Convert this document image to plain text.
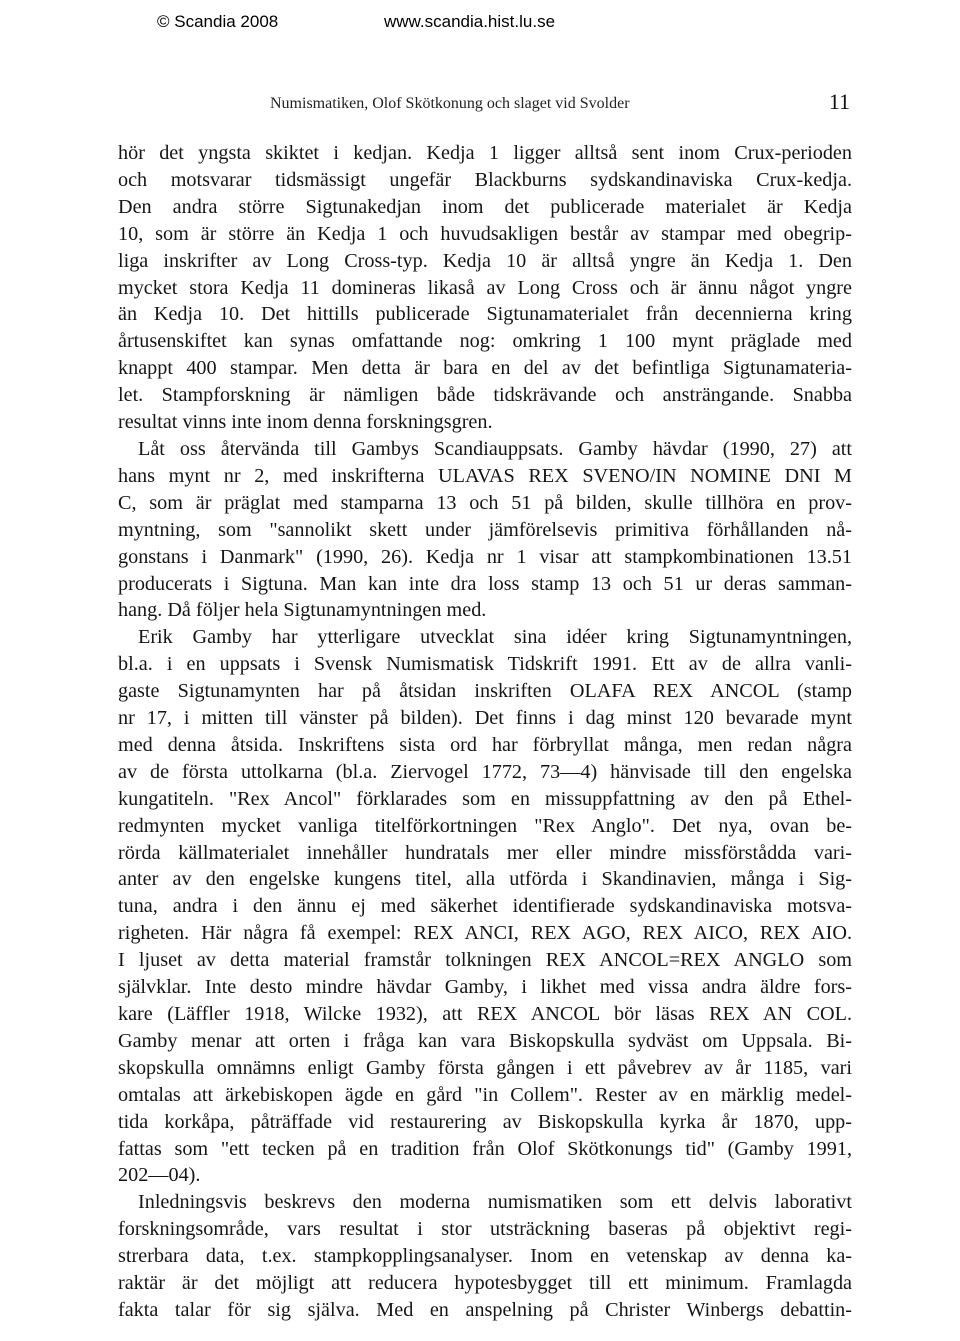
© Scandia 2008	www.scandia.hist.lu.se
Numismatiken, Olof Skötkonung och slaget vid Svolder	11
hör det yngsta skiktet i kedjan. Kedja 1 ligger alltså sent inom Crux-perioden
och motsvarar tidsmässigt ungefär Blackburns sydskandinaviska Crux-kedja.
Den andra större Sigtunakedjan inom det publicerade materialet är Kedja
10, som är större än Kedja 1 och huvudsakligen består av stampar med obegrip-
liga inskrifter av Long Cross-typ. Kedja 10 är alltså yngre än Kedja 1. Den
mycket stora Kedja 11 domineras likaså av Long Cross och är ännu något yngre
än Kedja 10. Det hittills publicerade Sigtunamaterialet från decennierna kring
årtusenskiftet kan synas omfattande nog: omkring 1 100 mynt präglade med
knappt 400 stampar. Men detta är bara en del av det befintliga Sigtunamateria-
let. Stampforskning är nämligen både tidskrävande och ansträngande. Snabba
resultat vinns inte inom denna forskningsgren.
Låt oss återvända till Gambys Scandiauppsats. Gamby hävdar (1990, 27) att
hans mynt nr 2, med inskrifterna ULAVAS REX SVENO/IN NOMINE DNI M
C, som är präglat med stamparna 13 och 51 på bilden, skulle tillhöra en prov-
myntning, som "sannolikt skett under jämförelsevis primitiva förhållanden nå-
gonstans i Danmark" (1990, 26). Kedja nr 1 visar att stampkombinationen 13.51
producerats i Sigtuna. Man kan inte dra loss stamp 13 och 51 ur deras samman-
hang. Då följer hela Sigtunamyntningen med.
Erik Gamby har ytterligare utvecklat sina idéer kring Sigtunamyntningen,
bl.a. i en uppsats i Svensk Numismatisk Tidskrift 1991. Ett av de allra vanli-
gaste Sigtunamynten har på åtsidan inskriften OLAFA REX ANCOL (stamp
nr 17, i mitten till vänster på bilden). Det finns i dag minst 120 bevarade mynt
med denna åtsida. Inskriftens sista ord har förbryllat många, men redan några
av de första uttolkarna (bl.a. Ziervogel 1772, 73—4) hänvisade till den engelska
kungatiteln. "Rex Ancol" förklarades som en missuppfattning av den på Ethel-
redmynten mycket vanliga titelförkortningen "Rex Anglo". Det nya, ovan be-
rörda källmaterialet innehåller hundratals mer eller mindre missförstådda vari-
anter av den engelske kungens titel, alla utförda i Skandinavien, många i Sig-
tuna, andra i den ännu ej med säkerhet identifierade sydskandinaviska motsva-
righeten. Här några få exempel: REX ANCI, REX AGO, REX AICO, REX AIO.
I ljuset av detta material framstår tolkningen REX ANCOL=REX ANGLO som
självklar. Inte desto mindre hävdar Gamby, i likhet med vissa andra äldre fors-
kare (Läffler 1918, Wilcke 1932), att REX ANCOL bör läsas REX AN COL.
Gamby menar att orten i fråga kan vara Biskopskulla sydväst om Uppsala. Bi-
skopskulla omnämns enligt Gamby första gången i ett påvebrev av år 1185, vari
omtalas att ärkebiskopen ägde en gård "in Collem". Rester av en märklig medel-
tida korkåpa, påträffade vid restaurering av Biskopskulla kyrka år 1870, upp-
fattas som "ett tecken på en tradition från Olof Skötkonungs tid" (Gamby 1991,
202—04).
Inledningsvis beskrevs den moderna numismatiken som ett delvis laborativt
forskningsområde, vars resultat i stor utsträckning baseras på objektivt regi-
strerbara data, t.ex. stampkopplingsanalyser. Inom en vetenskap av denna ka-
raktär är det möjligt att reducera hypotesbygget till ett minimum. Framlagda
fakta talar för sig själva. Med en anspelning på Christer Winbergs debattin-
